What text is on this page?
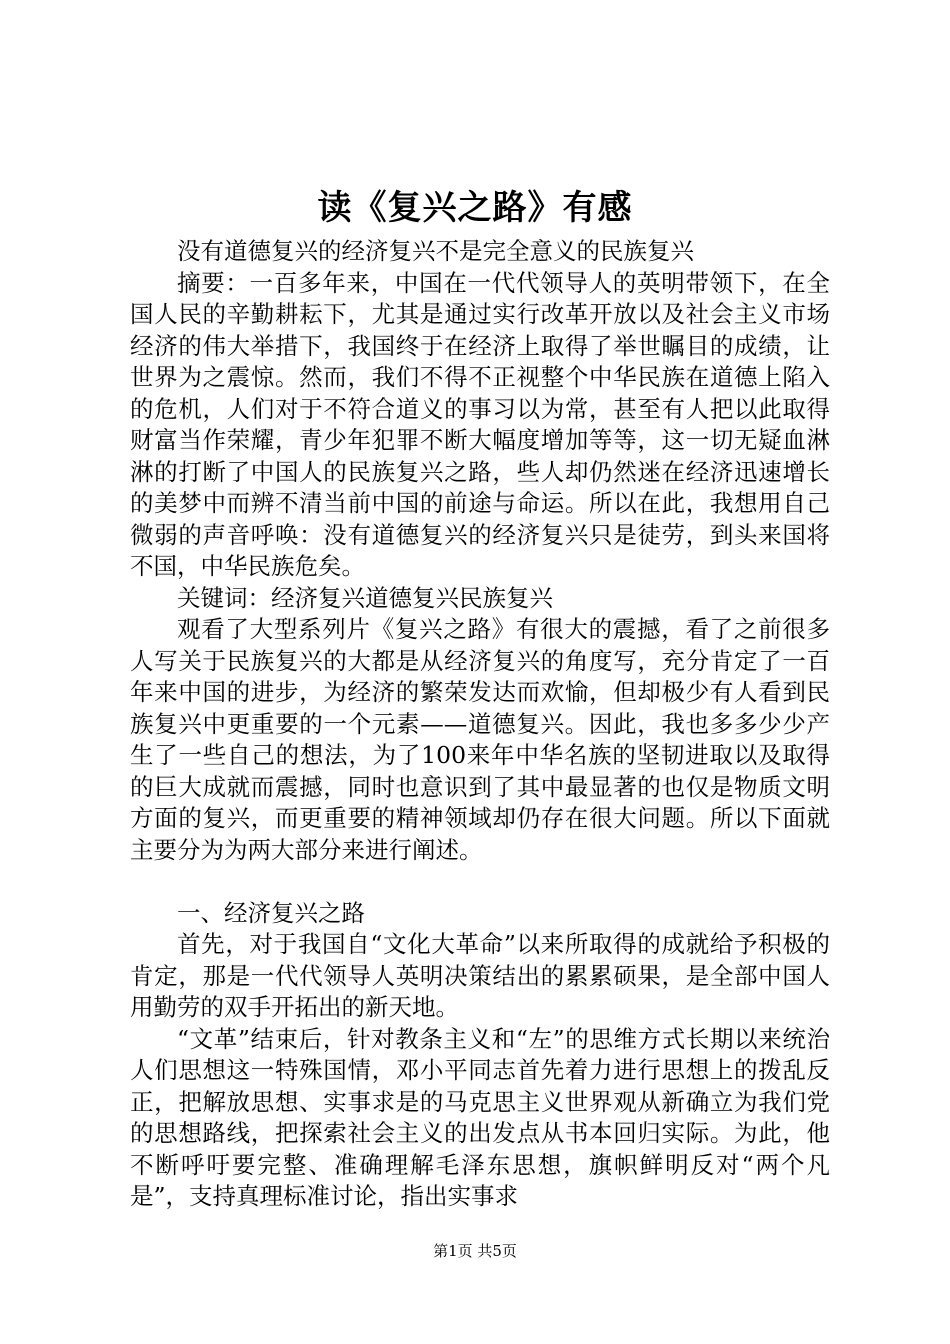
读《复兴之路》有感

没有道德复兴的经济复兴不是完全意义的民族复兴

摘要：一百多年来，中国在一代代领导人的英明带领下，在全国人民的辛勤耕耘下，尤其是通过实行改革开放以及社会主义市场经济的伟大举措下，我国终于在经济上取得了举世瞩目的成绩，让世界为之震惊。然而，我们不得不正视整个中华民族在道德上陷入的危机，人们对于不符合道义的事习以为常，甚至有人把以此取得财富当作荣耀，青少年犯罪不断大幅度增加等等，这一切无疑血淋淋的打断了中国人的民族复兴之路，些人却仍然迷在经济迅速增长的美梦中而辨不清当前中国的前途与命运。所以在此，我想用自己微弱的声音呼唤：没有道德复兴的经济复兴只是徒劳，到头来国将不国，中华民族危矣。

关键词：经济复兴道德复兴民族复兴

观看了大型系列片《复兴之路》有很大的震撼，看了之前很多人写关于民族复兴的大都是从经济复兴的角度写，充分肯定了一百年来中国的进步，为经济的繁荣发达而欢愉，但却极少有人看到民族复兴中更重要的一个元素——道德复兴。因此，我也多多少少产生了一些自己的想法，为了100来年中华名族的坚韧进取以及取得的巨大成就而震撼，同时也意识到了其中最显著的也仅是物质文明方面的复兴，而更重要的精神领域却仍存在很大问题。所以下面就主要分为为两大部分来进行阐述。

一、经济复兴之路

首先，对于我国自“文化大革命”以来所取得的成就给予积极的肯定，那是一代代领导人英明决策结出的累累硕果，是全部中国人用勤劳的双手开拓出的新天地。

“文革”结束后，针对教条主义和“左”的思维方式长期以来统治人们思想这一特殊国情，邓小平同志首先着力进行思想上的拨乱反正，把解放思想、实事求是的马克思主义世界观从新确立为我们党的思想路线，把探索社会主义的出发点从书本回归实际。为此，他不断呼吁要完整、准确理解毛泽东思想，旗帜鲜明反对“两个凡是”，支持真理标准讨论，指出实事求

第1页 共5页
